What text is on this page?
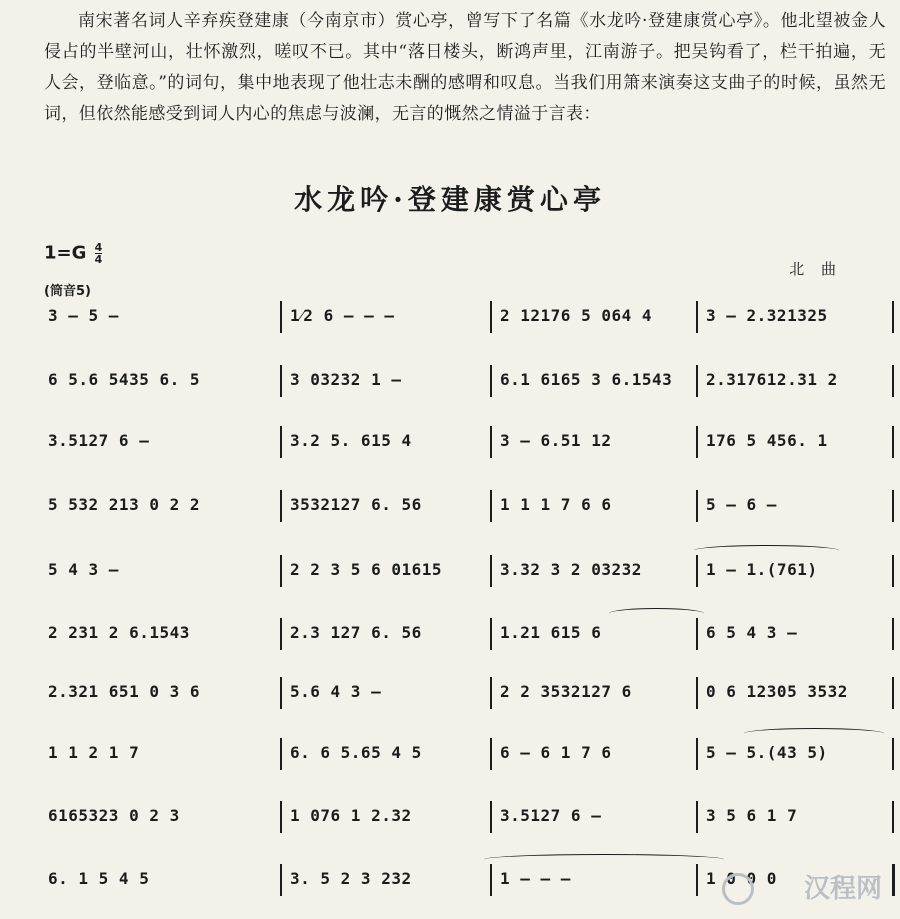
南宋著名词人辛弃疾登建康（今南京市）赏心亭，曾写下了名篇《水龙吟·登建康赏心亭》。他北望被金人侵占的半壁河山，壮怀激烈，嗟叹不已。其中“落日楼头，断鸿声里，江南游子。把吴钩看了，栏干拍遍，无人会，登临意。”的词句，集中地表现了他壮志未酬的感喟和叹息。当我们用箫来演奏这支曲子的时候，虽然无词，但依然能感受到词人内心的焦虑与波澜，无言的慨然之情溢于言表：

水龙吟·登建康赏心亭
$1=G \frac{4}{4}$
北 曲
(筒音5)
3 — 5 —	1⁄2 6 — — —	2 12176 5 064 4	3 — 2.321325
6 5.6 5435 6. 5	3 03232 1 —	6.1 6165 3 6.1543	2.317612.31 2
3.5127 6 —	3.2 5. 615 4	3 — 6.51 12	176 5 456. 1
5 532 213 0 2 2	3532127 6. 56	1 1 1 7 6 6	5 — 6 —
5 4 3 —	2 2 3 5 6 01615	3.32 3 2 03232	1 — 1.(761)
2 231 2 6.1543	2.3 127 6. 56	1.21 615 6	6 5 4 3 —
2.321 651 0 3 6	5.6 4 3 —	2 2 3532127 6	0 6 12305 3532
1 1 2 1 7	6. 6 5.65 4 5	6 — 6 1 7 6	5 — 5.(43 5)
6165323 0 2 3	1 076 1 2.32	3.5127 6 —	3 5 6 1 7
6. 1 5 4 5	3. 5 2 3 232	1 — — —	1 0 0 0	汉程网
